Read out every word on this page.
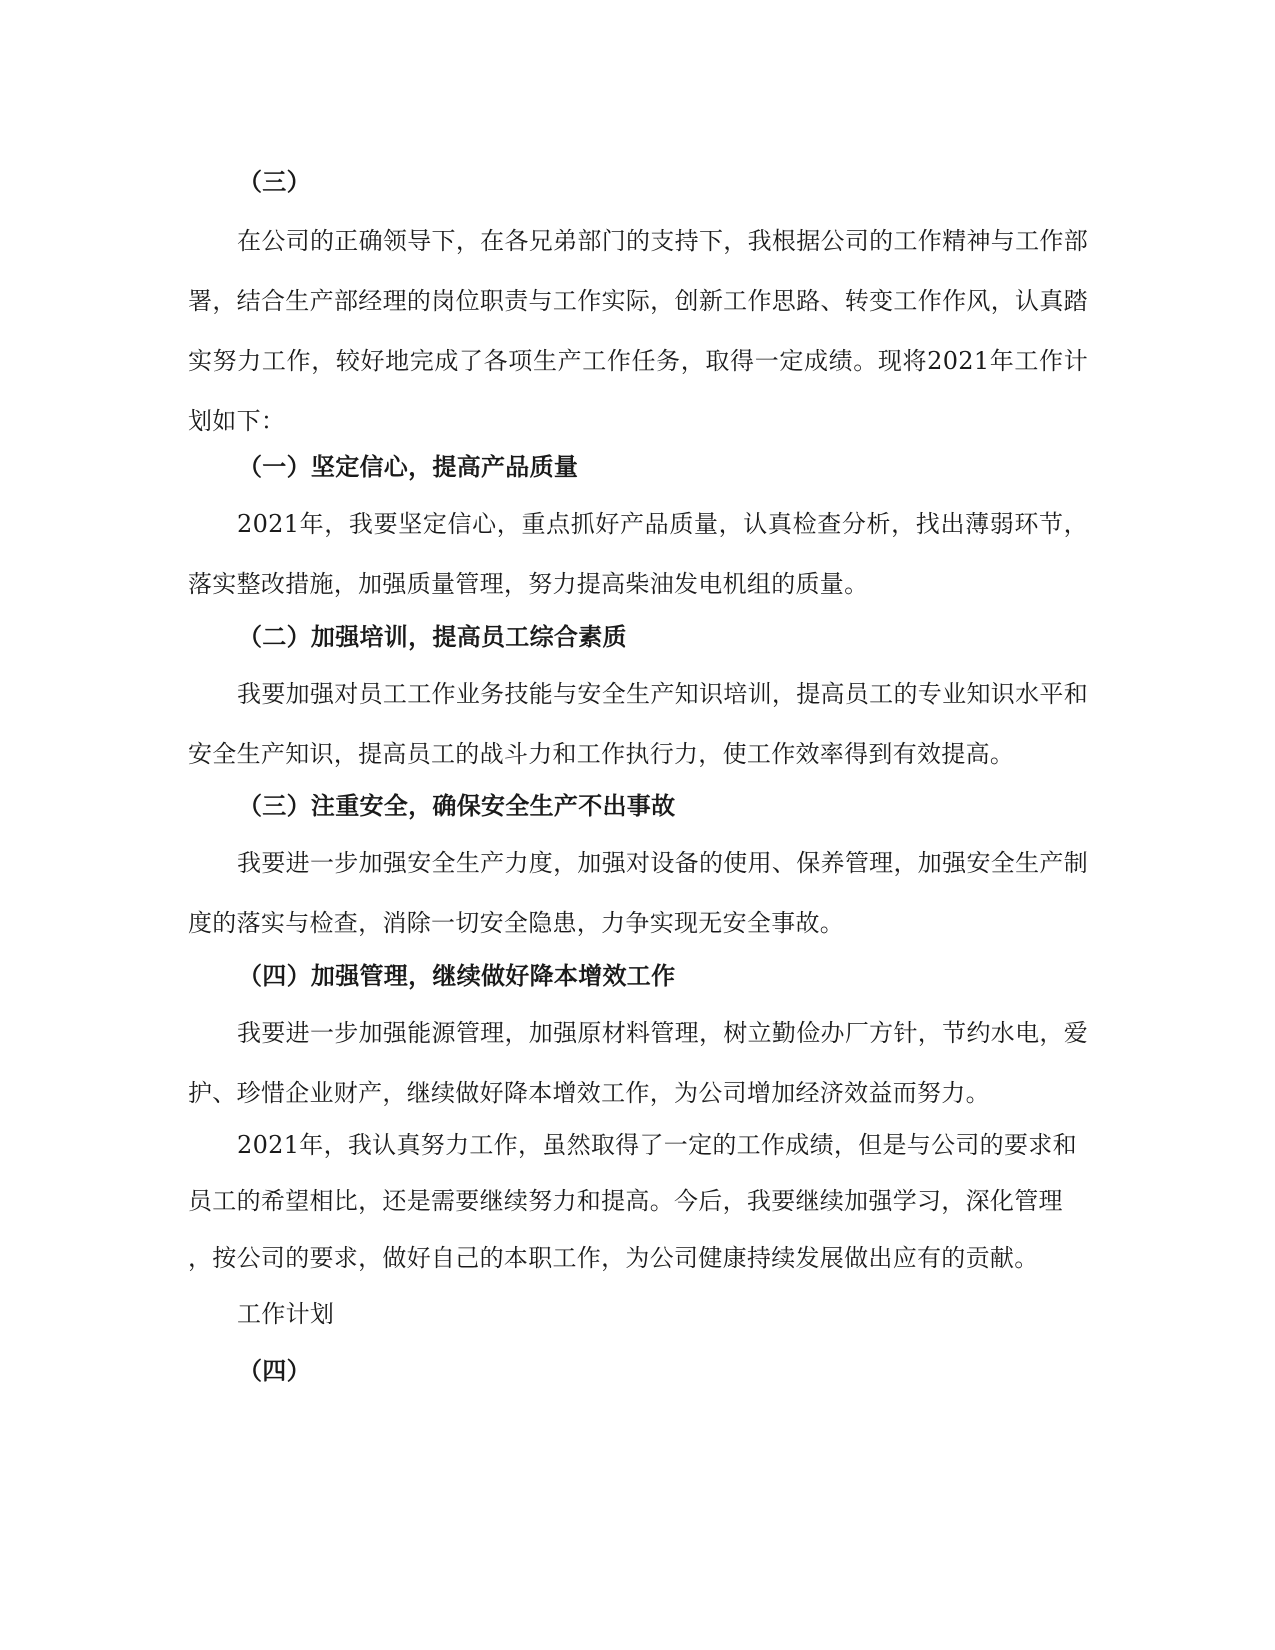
（三）

在公司的正确领导下，在各兄弟部门的支持下，我根据公司的工作精神与工作部署，结合生产部经理的岗位职责与工作实际，创新工作思路、转变工作作风，认真踏实努力工作，较好地完成了各项生产工作任务，取得一定成绩。现将2021年工作计划如下：

（一）坚定信心，提高产品质量

2021年，我要坚定信心，重点抓好产品质量，认真检查分析，找出薄弱环节，落实整改措施，加强质量管理，努力提高柴油发电机组的质量。

（二）加强培训，提高员工综合素质

我要加强对员工工作业务技能与安全生产知识培训，提高员工的专业知识水平和安全生产知识，提高员工的战斗力和工作执行力，使工作效率得到有效提高。

（三）注重安全，确保安全生产不出事故

我要进一步加强安全生产力度，加强对设备的使用、保养管理，加强安全生产制度的落实与检查，消除一切安全隐患，力争实现无安全事故。

（四）加强管理，继续做好降本增效工作

我要进一步加强能源管理，加强原材料管理，树立勤俭办厂方针，节约水电，爱护、珍惜企业财产，继续做好降本增效工作，为公司增加经济效益而努力。

2021年，我认真努力工作，虽然取得了一定的工作成绩，但是与公司的要求和

员工的希望相比，还是需要继续努力和提高。今后，我要继续加强学习，深化管理

，按公司的要求，做好自己的本职工作，为公司健康持续发展做出应有的贡献。

工作计划

（四）
